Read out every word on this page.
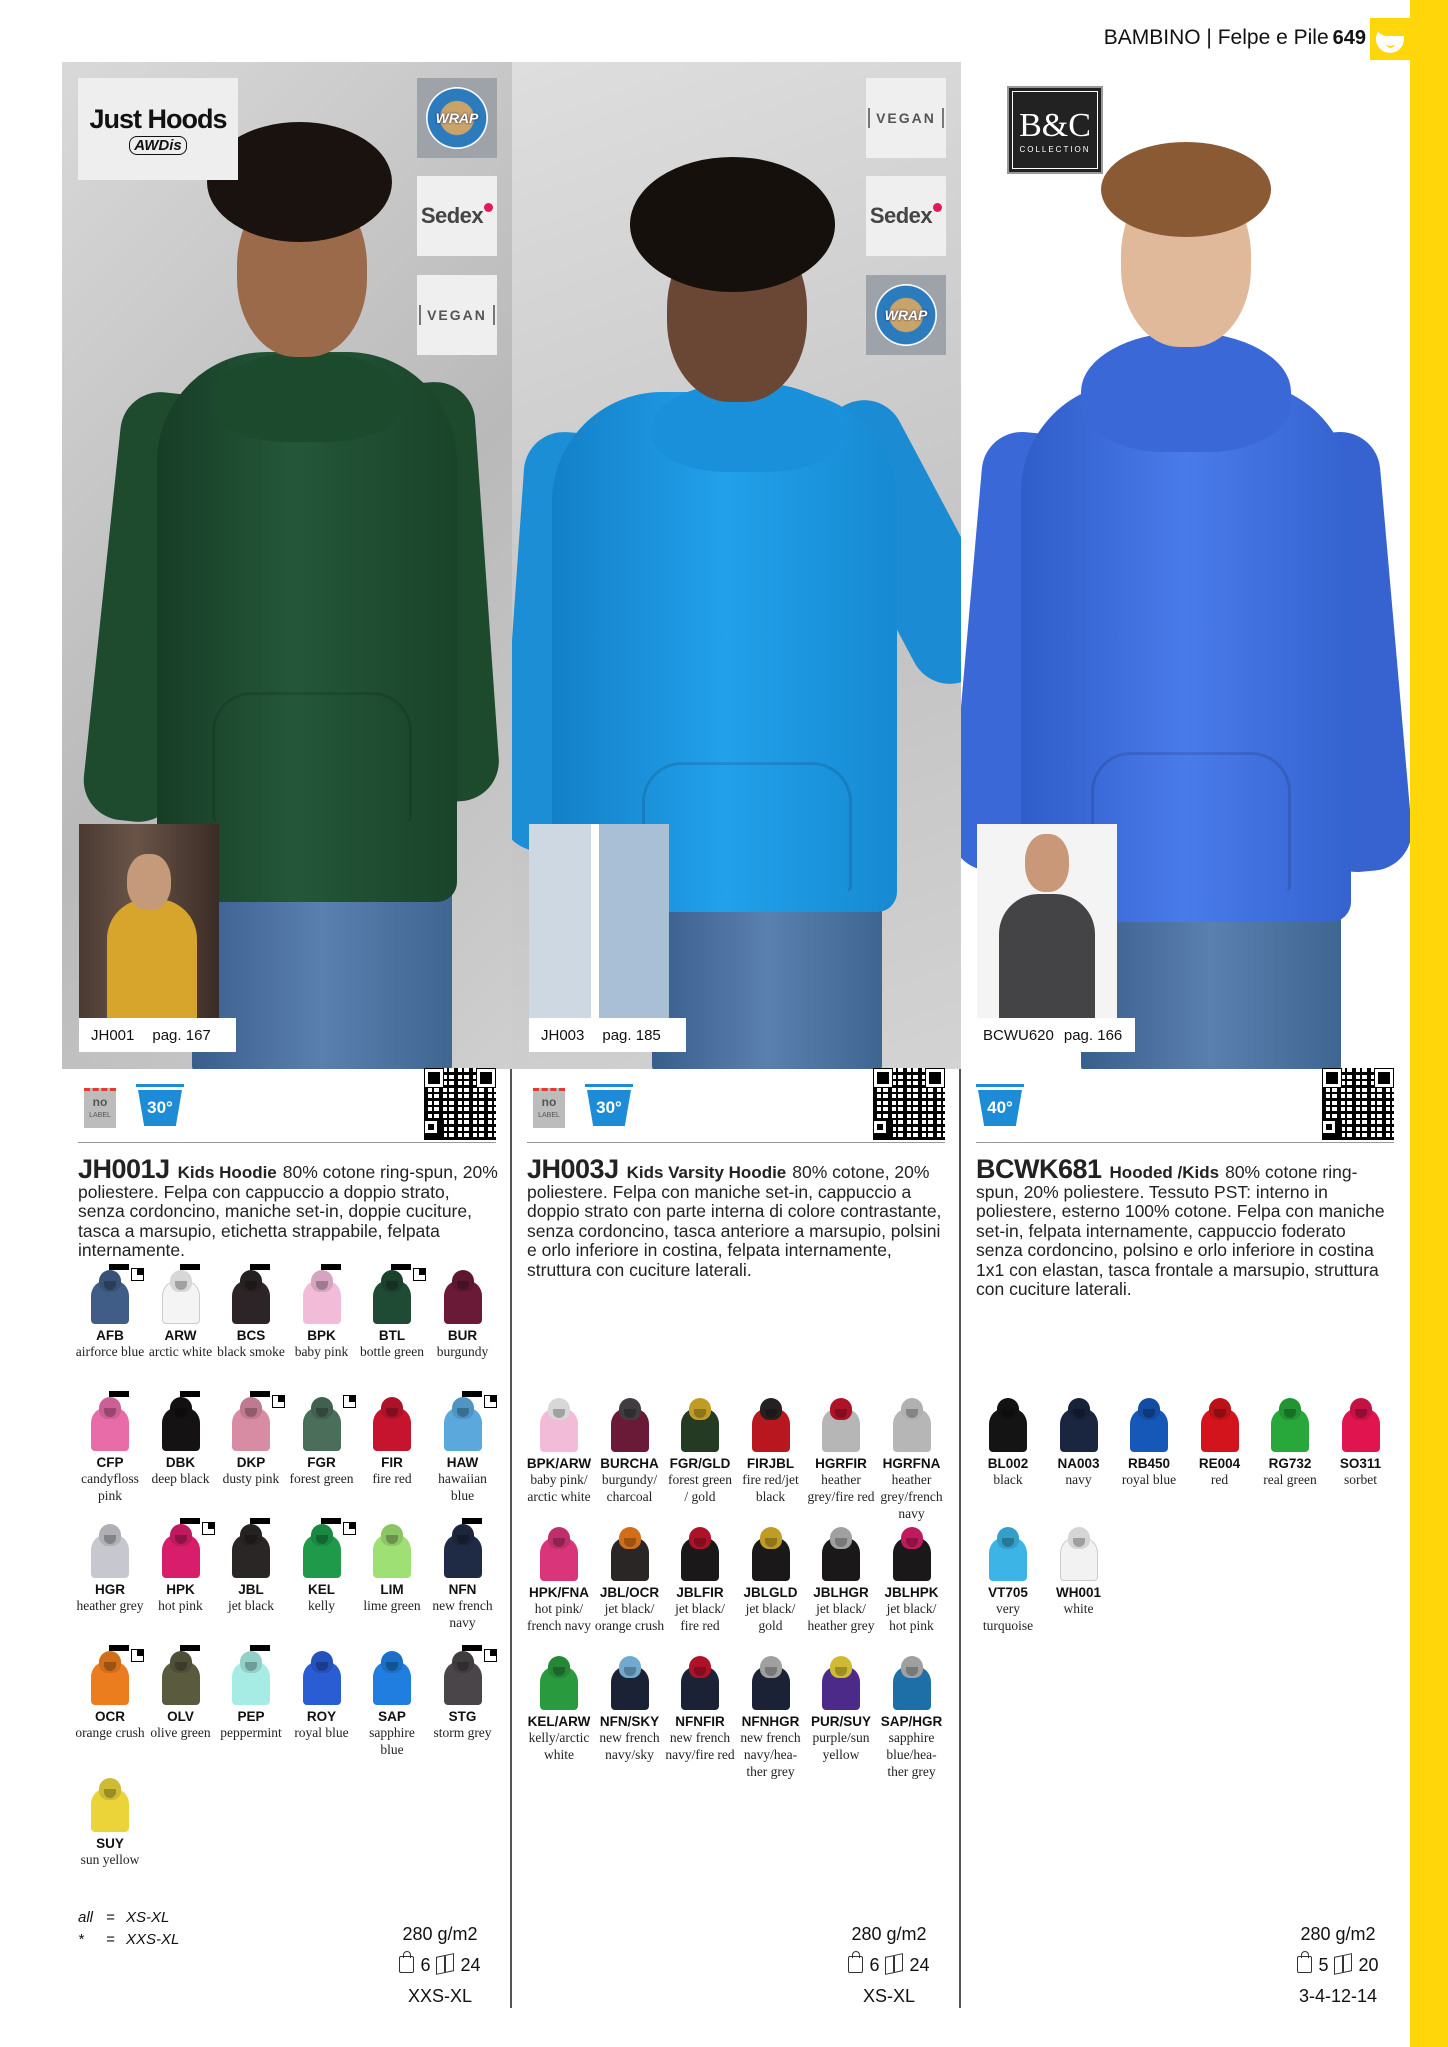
BAMBINO | Felpe e Pile 649
Just Hoods
AWDis
WRAP
Sedex
VEGAN
JH001 pag. 167
VEGAN
Sedex
WRAP
JH003 pag. 185
B&C
COLLECTION
BCWU620 pag. 166
no
LABEL	30°	no
LABEL	30°	40°
JH001J Kids Hoodie 80% cotone ring-spun, 20% poliestere. Felpa con cappuccio a doppio strato, senza cordoncino, maniche set-in, doppie cuciture, tasca a marsupio, etichetta strappabile, felpata internamente.
JH003J Kids Varsity Hoodie 80% cotone, 20% poliestere. Felpa con maniche set-in, cappuccio a doppio strato con parte interna di colore contrastante, senza cordoncino, tasca anteriore a marsupio, polsini e orlo inferiore in costina, felpata internamente, struttura con cuciture laterali.
BCWK681 Hooded /Kids 80% cotone ring-spun, 20% poliestere. Tessuto PST: interno in poliestere, esterno 100% cotone. Felpa con maniche set-in, felpata internamente, cappuccio foderato senza cordoncino, polsino e orlo inferiore in costina 1x1 con elastan, tasca frontale a marsupio, struttura con cuciture laterali.
AFB
airforce blue
ARW
arctic white
BCS
black smoke
BPK
baby pink
BTL
bottle green
BUR
burgundy
CFP
candyfloss pink
DBK
deep black
DKP
dusty pink
FGR
forest green
FIR
fire red
HAW
hawaiian blue
HGR
heather grey
HPK
hot pink
JBL
jet black
KEL
kelly
LIM
lime green
NFN
new french navy
OCR
orange crush
OLV
olive green
PEP
peppermint
ROY
royal blue
SAP
sapphire blue
STG
storm grey
SUY
sun yellow
BPK/ARW
baby pink/ arctic white
BURCHA
burgundy/ charcoal
FGR/GLD
forest green / gold
FIRJBL
fire red/jet black
HGRFIR
heather grey/fire red
HGRFNA
heather grey/french navy
HPK/FNA
hot pink/ french navy
JBL/OCR
jet black/ orange crush
JBLFIR
jet black/ fire red
JBLGLD
jet black/ gold
JBLHGR
jet black/ heather grey
JBLHPK
jet black/ hot pink
KEL/ARW
kelly/arctic white
NFN/SKY
new french navy/sky
NFNFIR
new french navy/fire red
NFNHGR
new french navy/hea- ther grey
PUR/SUY
purple/sun yellow
SAP/HGR
sapphire blue/hea- ther grey
BL002
black
NA003
navy
RB450
royal blue
RE004
red
RG732
real green
SO311
sorbet
VT705
very turquoise
WH001
white
all = XS-XL
* = XXS-XL	280 g/m2
6 24
XXS-XL
280 g/m2
6 24
XS-XL
280 g/m2
5 20
3-4-12-14
